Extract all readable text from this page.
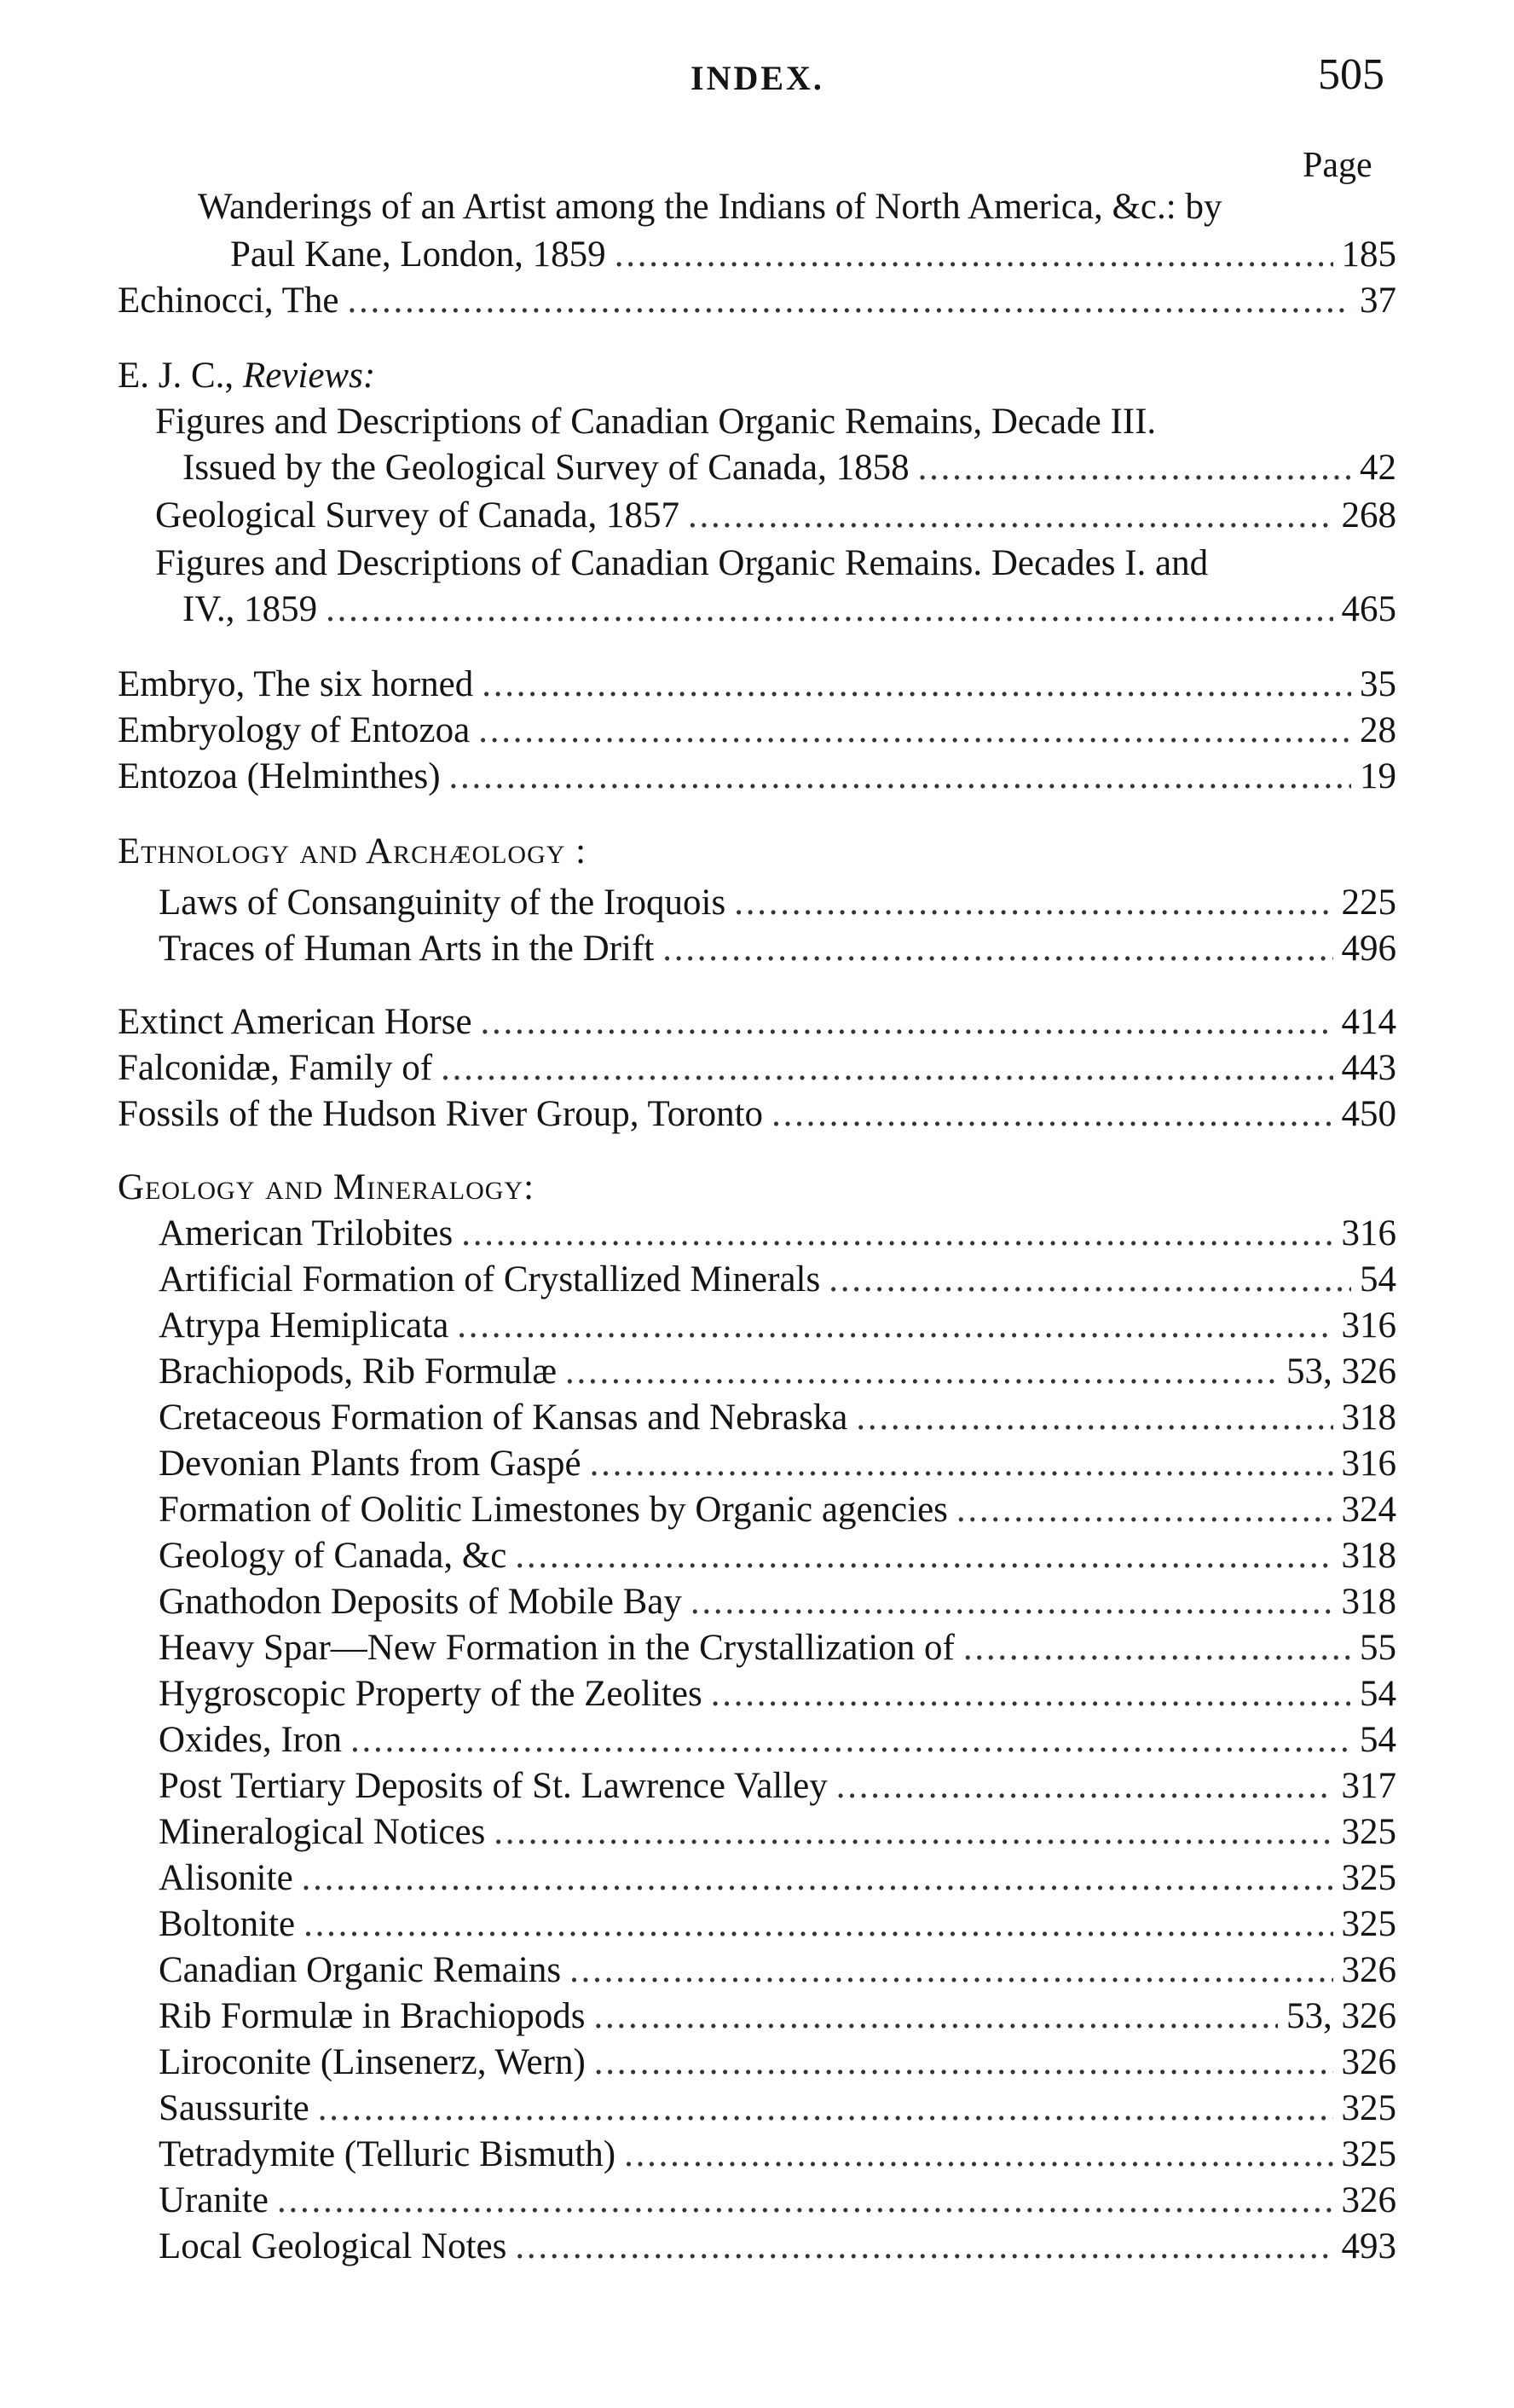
INDEX.	505
Page
Wanderings of an Artist among the Indians of North America, &c.: by
Paul Kane, London, 1859 . . .	185
Echinocci, The . . .	37
E. J. C., Reviews:
Figures and Descriptions of Canadian Organic Remains, Decade III.
Issued by the Geological Survey of Canada, 1858 . . .	42
Geological Survey of Canada, 1857 . . .	268
Figures and Descriptions of Canadian Organic Remains. Decades I. and
IV., 1859 . . .	465
Embryo, The six horned . . .	35
Embryology of Entozoa . . .	28
Entozoa (Helminthes) . . .	19
Ethnology and Archæology :
Laws of Consanguinity of the Iroquois . . .	225
Traces of Human Arts in the Drift . . .	496
Extinct American Horse . . .	414
Falconidæ, Family of . . .	443
Fossils of the Hudson River Group, Toronto . . .	450
Geology and Mineralogy:
American Trilobites . . .	316
Artificial Formation of Crystallized Minerals . . .	54
Atrypa Hemiplicata . . .	316
Brachiopods, Rib Formulæ . . .	53, 326
Cretaceous Formation of Kansas and Nebraska . . .	318
Devonian Plants from Gaspé . . .	316
Formation of Oolitic Limestones by Organic agencies . . .	324
Geology of Canada, &c . . .	318
Gnathodon Deposits of Mobile Bay . . .	318
Heavy Spar—New Formation in the Crystallization of . . .	55
Hygroscopic Property of the Zeolites . . .	54
Oxides, Iron . . .	54
Post Tertiary Deposits of St. Lawrence Valley . . .	317
Mineralogical Notices . . .	325
Alisonite . . .	325
Boltonite . . .	325
Canadian Organic Remains . . .	326
Rib Formulæ in Brachiopods . . .	53, 326
Liroconite (Linsenerz, Wern) . . .	326
Saussurite . . .	325
Tetradymite (Telluric Bismuth) . . .	325
Uranite . . .	326
Local Geological Notes . . .	493
